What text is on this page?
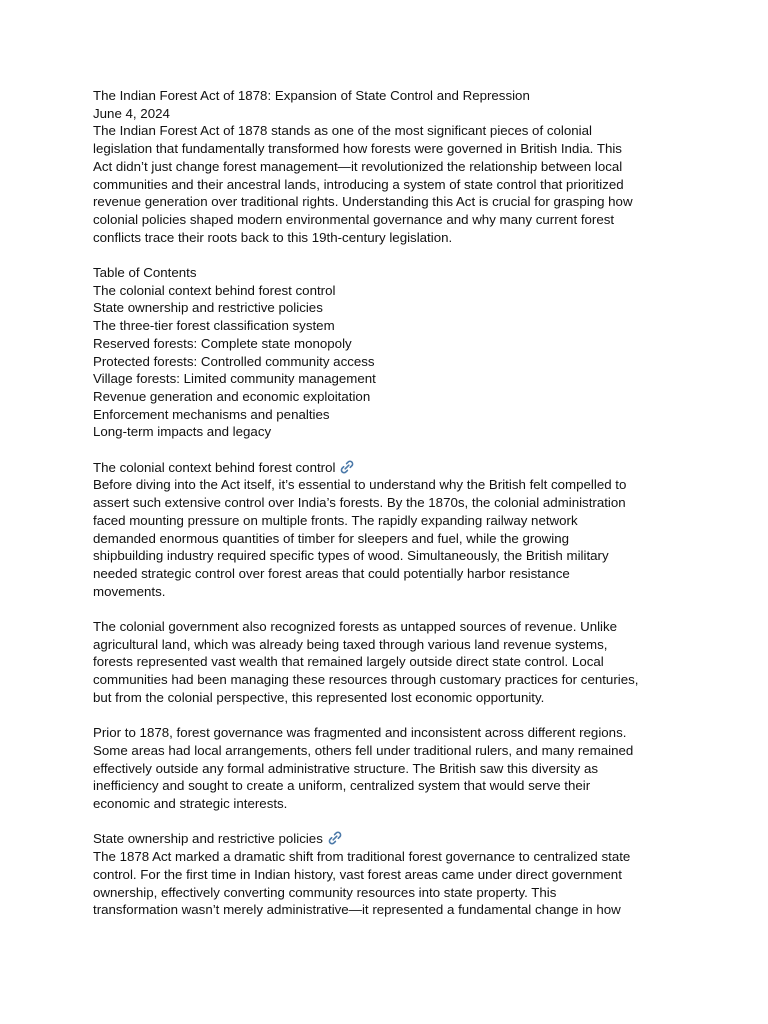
The Indian Forest Act of 1878: Expansion of State Control and Repression
June 4, 2024
The Indian Forest Act of 1878 stands as one of the most significant pieces of colonial
legislation that fundamentally transformed how forests were governed in British India. This
Act didn’t just change forest management—it revolutionized the relationship between local
communities and their ancestral lands, introducing a system of state control that prioritized
revenue generation over traditional rights. Understanding this Act is crucial for grasping how
colonial policies shaped modern environmental governance and why many current forest
conflicts trace their roots back to this 19th-century legislation.
Table of Contents
The colonial context behind forest control
State ownership and restrictive policies
The three-tier forest classification system
Reserved forests: Complete state monopoly
Protected forests: Controlled community access
Village forests: Limited community management
Revenue generation and economic exploitation
Enforcement mechanisms and penalties
Long-term impacts and legacy
The colonial context behind forest control
Before diving into the Act itself, it’s essential to understand why the British felt compelled to
assert such extensive control over India’s forests. By the 1870s, the colonial administration
faced mounting pressure on multiple fronts. The rapidly expanding railway network
demanded enormous quantities of timber for sleepers and fuel, while the growing
shipbuilding industry required specific types of wood. Simultaneously, the British military
needed strategic control over forest areas that could potentially harbor resistance
movements.
The colonial government also recognized forests as untapped sources of revenue. Unlike
agricultural land, which was already being taxed through various land revenue systems,
forests represented vast wealth that remained largely outside direct state control. Local
communities had been managing these resources through customary practices for centuries,
but from the colonial perspective, this represented lost economic opportunity.
Prior to 1878, forest governance was fragmented and inconsistent across different regions.
Some areas had local arrangements, others fell under traditional rulers, and many remained
effectively outside any formal administrative structure. The British saw this diversity as
inefficiency and sought to create a uniform, centralized system that would serve their
economic and strategic interests.
State ownership and restrictive policies
The 1878 Act marked a dramatic shift from traditional forest governance to centralized state
control. For the first time in Indian history, vast forest areas came under direct government
ownership, effectively converting community resources into state property. This
transformation wasn’t merely administrative—it represented a fundamental change in how
